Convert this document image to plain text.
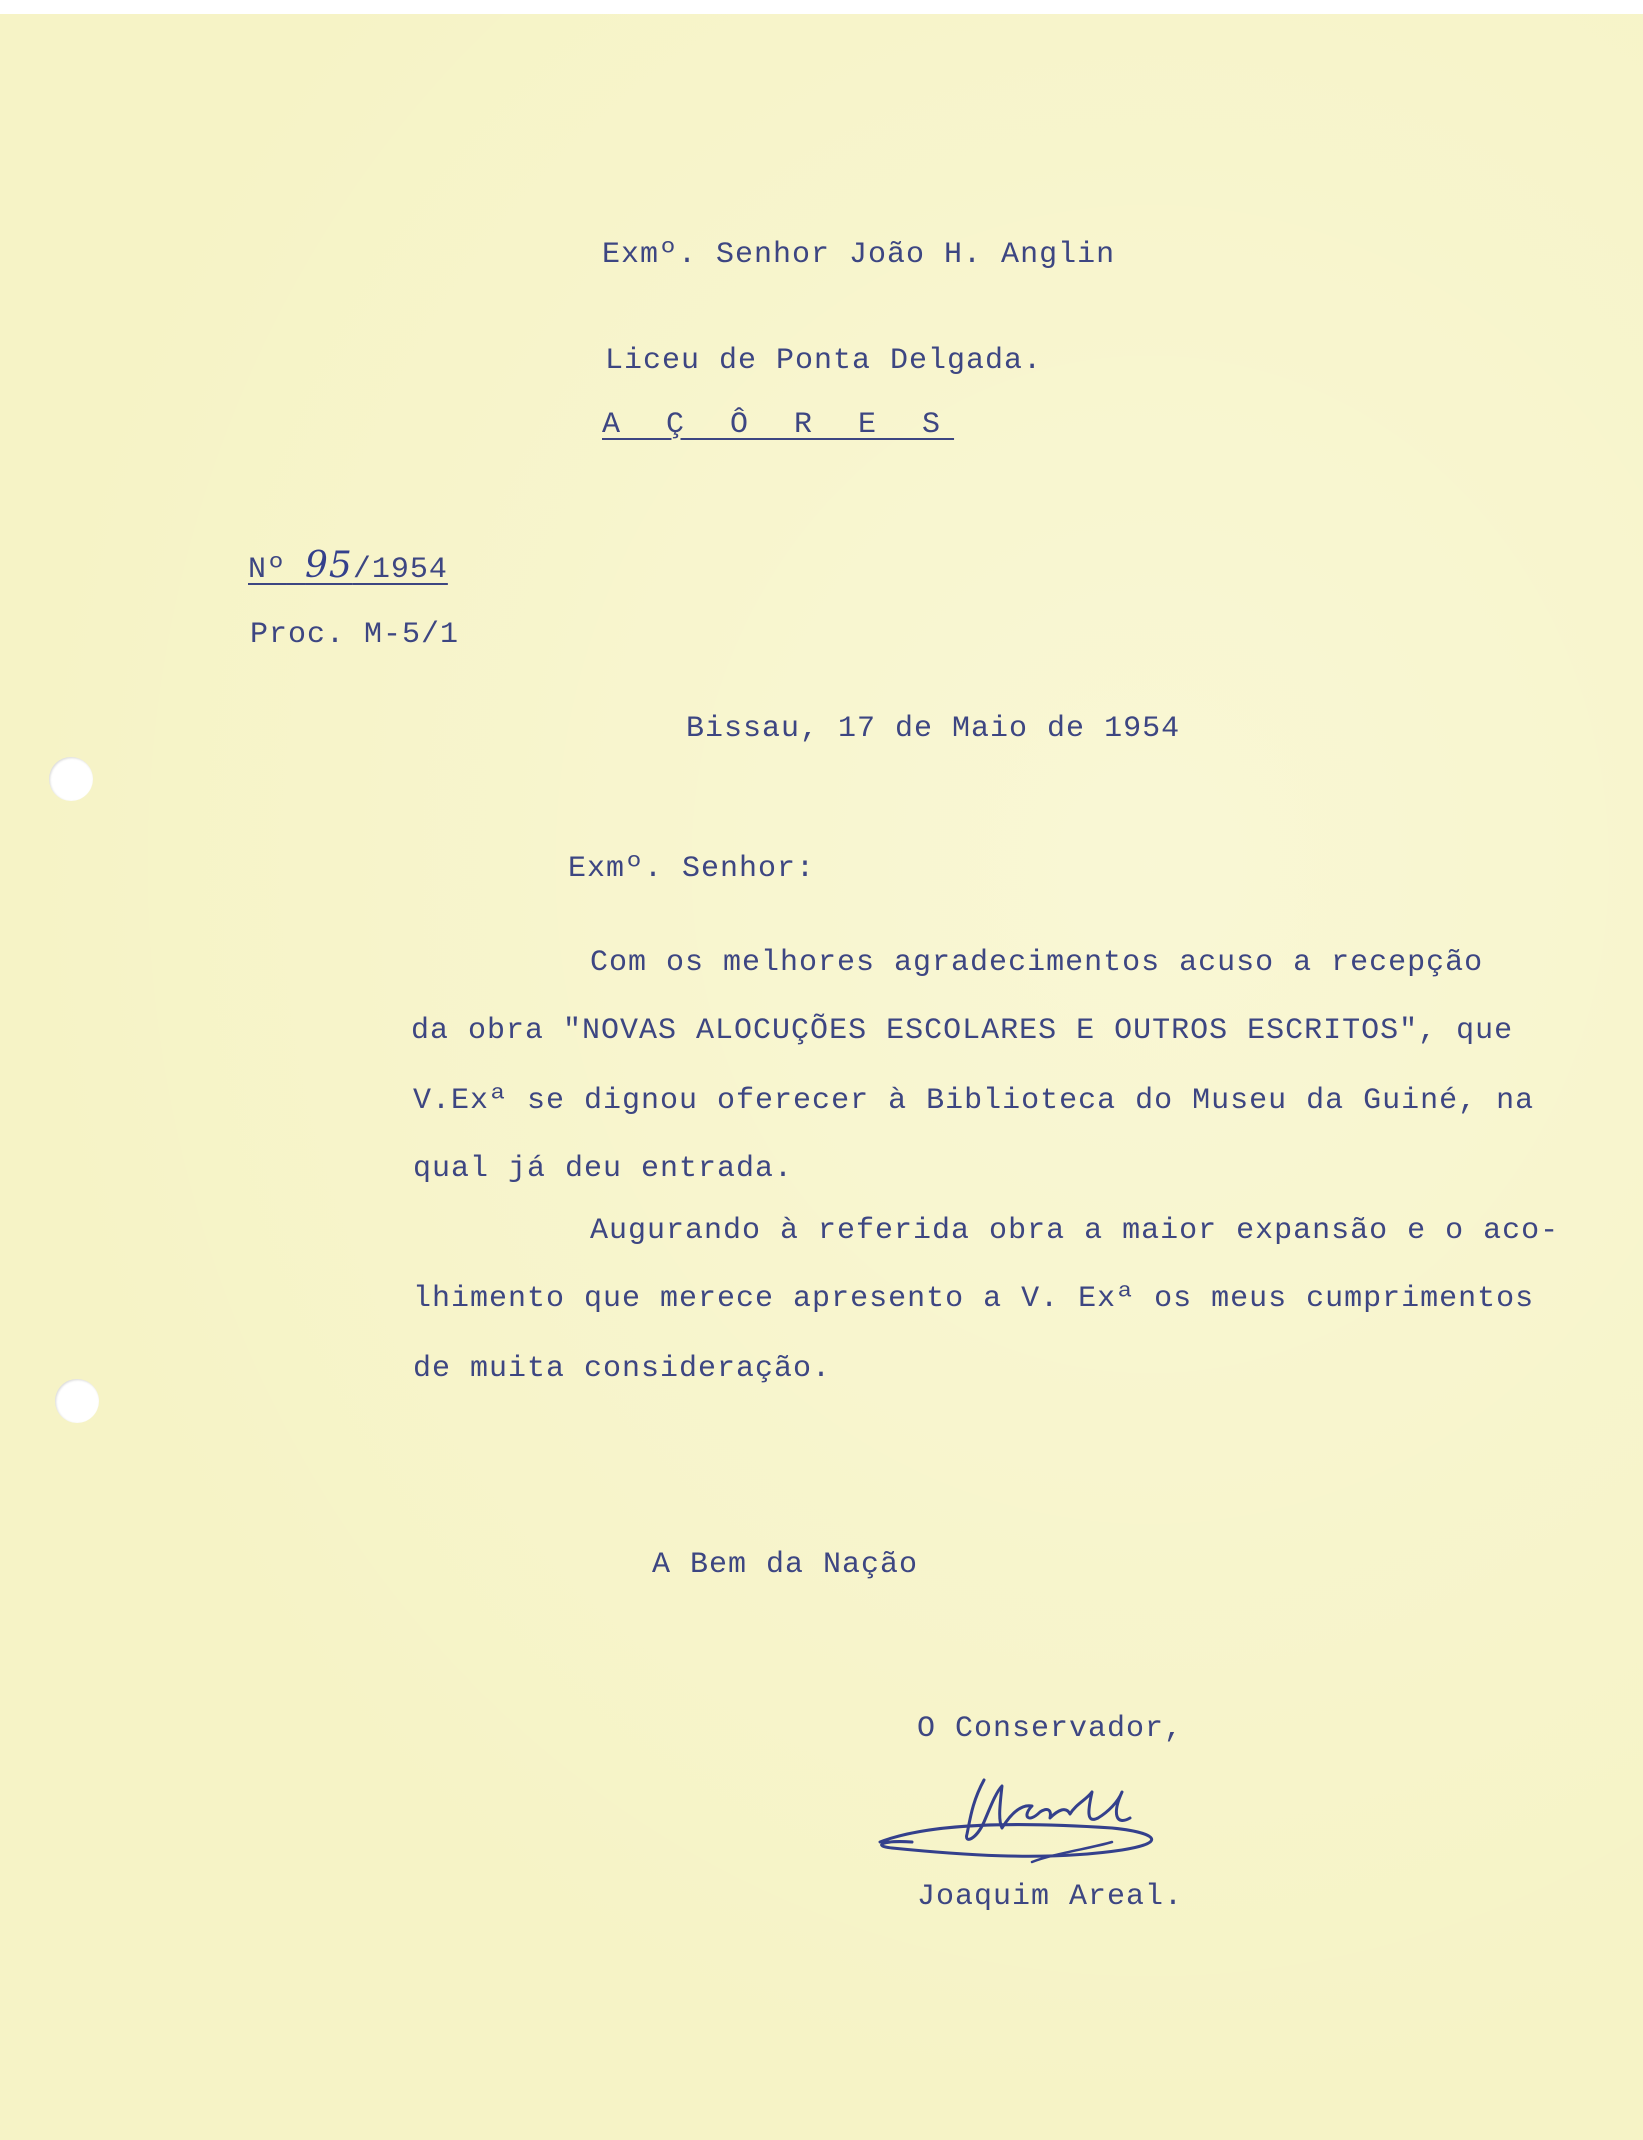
Exmº. Senhor João H. Anglin
Liceu de Ponta Delgada.
A Ç Ô R E S
Nº 95/1954
Proc. M-5/1
Bissau, 17 de Maio de 1954
Exmº. Senhor:
Com os melhores agradecimentos acuso a recepção
da obra "NOVAS ALOCUÇÕES ESCOLARES E OUTROS ESCRITOS", que
V.Exª se dignou oferecer à Biblioteca do Museu da Guiné, na
qual já deu entrada.
Augurando à referida obra a maior expansão e o aco-
lhimento que merece apresento a V. Exª os meus cumprimentos
de muita consideração.
A Bem da Nação
O Conservador,
Joaquim Areal.
